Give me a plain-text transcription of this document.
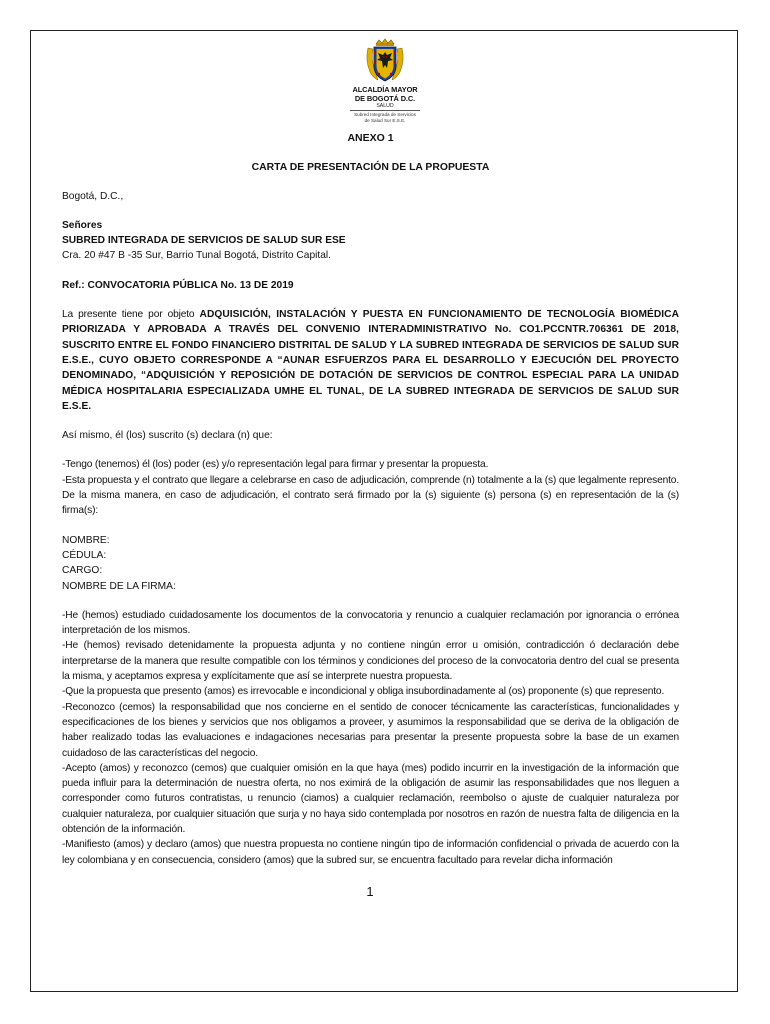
ALCALDÍA MAYOR
DE BOGOTÁ D.C.
SALUD
Subred Integrada de Servicios
de Salud Sur E.S.E.
ANEXO 1
CARTA DE PRESENTACIÓN DE LA PROPUESTA
Bogotá, D.C.,
Señores
SUBRED INTEGRADA DE SERVICIOS DE SALUD SUR ESE
Cra. 20 #47 B -35 Sur, Barrio Tunal Bogotá, Distrito Capital.
Ref.: CONVOCATORIA PÚBLICA No. 13 DE 2019
La presente tiene por objeto ADQUISICIÓN, INSTALACIÓN Y PUESTA EN FUNCIONAMIENTO DE TECNOLOGÍA BIOMÉDICA PRIORIZADA Y APROBADA A TRAVÉS DEL CONVENIO INTERADMINISTRATIVO No. CO1.PCCNTR.706361 DE 2018, SUSCRITO ENTRE EL FONDO FINANCIERO DISTRITAL DE SALUD Y LA SUBRED INTEGRADA DE SERVICIOS DE SALUD SUR E.S.E., CUYO OBJETO CORRESPONDE A “AUNAR ESFUERZOS PARA EL DESARROLLO Y EJECUCIÓN DEL PROYECTO DENOMINADO, “ADQUISICIÓN Y REPOSICIÓN DE DOTACIÓN DE SERVICIOS DE CONTROL ESPECIAL PARA LA UNIDAD MÉDICA HOSPITALARIA ESPECIALIZADA UMHE EL TUNAL, DE LA SUBRED INTEGRADA DE SERVICIOS DE SALUD SUR E.S.E.
Así mismo, él (los) suscrito (s) declara (n) que:
-Tengo (tenemos) él (los) poder (es) y/o representación legal para firmar y presentar la propuesta.
-Esta propuesta y el contrato que llegare a celebrarse en caso de adjudicación, comprende (n) totalmente a la (s) que legalmente represento. De la misma manera, en caso de adjudicación, el contrato será firmado por la (s) siguiente (s) persona (s) en representación de la (s) firma(s):
NOMBRE:
CÉDULA:
CARGO:
NOMBRE DE LA FIRMA:
-He (hemos) estudiado cuidadosamente los documentos de la convocatoria y renuncio a cualquier reclamación por ignorancia o errónea interpretación de los mismos.
-He (hemos) revisado detenidamente la propuesta adjunta y no contiene ningún error u omisión, contradicción ó declaración debe interpretarse de la manera que resulte compatible con los términos y condiciones del proceso de la convocatoria dentro del cual se presenta la misma, y aceptamos expresa y explícitamente que así se interprete nuestra propuesta.
-Que la propuesta que presento (amos) es irrevocable e incondicional y obliga insubordinadamente al (os) proponente (s) que represento.
-Reconozco (cemos) la responsabilidad que nos concierne en el sentido de conocer técnicamente las características, funcionalidades y especificaciones de los bienes y servicios que nos obligamos a proveer, y asumimos la responsabilidad que se deriva de la obligación de haber realizado todas las evaluaciones e indagaciones necesarias para presentar la presente propuesta sobre la base de un examen cuidadoso de las características del negocio.
-Acepto (amos) y reconozco (cemos) que cualquier omisión en la que haya (mes) podido incurrir en la investigación de la información que pueda influir para la determinación de nuestra oferta, no nos eximirá de la obligación de asumir las responsabilidades que nos lleguen a corresponder como futuros contratistas, u renuncio (ciamos) a cualquier reclamación, reembolso o ajuste de cualquier naturaleza por cualquier naturaleza, por cualquier situación que surja y no haya sido contemplada por nosotros en razón de nuestra falta de diligencia en la obtención de la información.
-Manifiesto (amos) y declaro (amos) que nuestra propuesta no contiene ningún tipo de información confidencial o privada de acuerdo con la ley colombiana y en consecuencia, considero (amos) que la subred sur, se encuentra facultado para revelar dicha información
1
